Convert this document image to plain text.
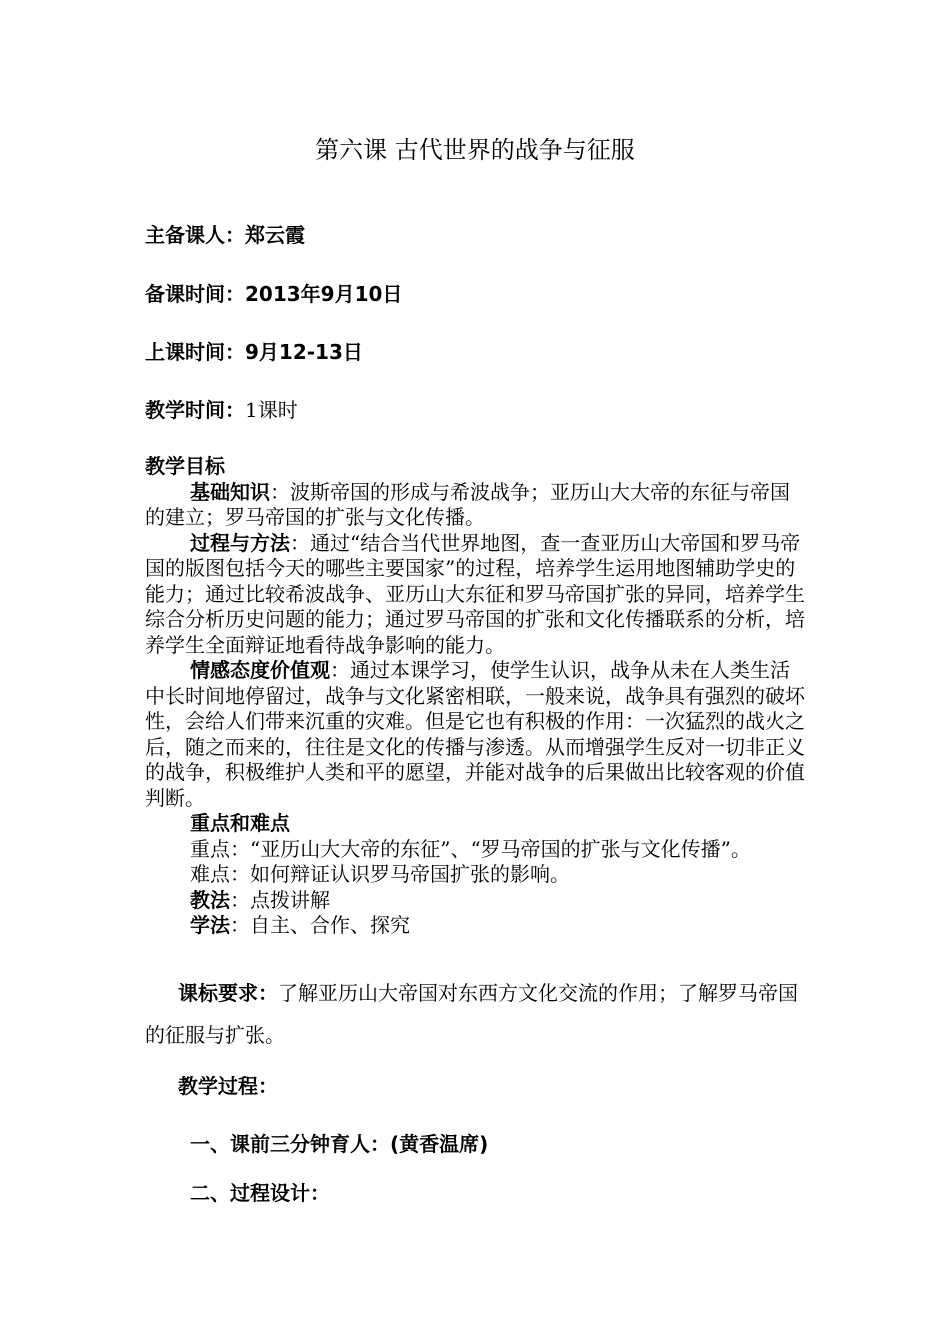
第六课 古代世界的战争与征服
主备课人：郑云霞
备课时间：2013年9月10日
上课时间：9月12-13日
教学时间：1课时

教学目标

基础知识：波斯帝国的形成与希波战争；亚历山大大帝的东征与帝国的建立；罗马帝国的扩张与文化传播。

过程与方法：通过“结合当代世界地图，查一查亚历山大帝国和罗马帝国的版图包括今天的哪些主要国家”的过程，培养学生运用地图辅助学史的能力；通过比较希波战争、亚历山大东征和罗马帝国扩张的异同，培养学生综合分析历史问题的能力；通过罗马帝国的扩张和文化传播联系的分析，培养学生全面辩证地看待战争影响的能力。

情感态度价值观：通过本课学习，使学生认识，战争从未在人类生活中长时间地停留过，战争与文化紧密相联，一般来说，战争具有强烈的破坏性，会给人们带来沉重的灾难。但是它也有积极的作用：一次猛烈的战火之后，随之而来的，往往是文化的传播与渗透。从而增强学生反对一切非正义的战争，积极维护人类和平的愿望，并能对战争的后果做出比较客观的价值判断。

重点和难点

重点：“亚历山大大帝的东征”、“罗马帝国的扩张与文化传播”。

难点：如何辩证认识罗马帝国扩张的影响。

教法：点拨讲解

学法：自主、合作、探究

课标要求：了解亚历山大帝国对东西方文化交流的作用；了解罗马帝国的征服与扩张。

教学过程：
一、课前三分钟育人：(黄香温席)
二、过程设计：
